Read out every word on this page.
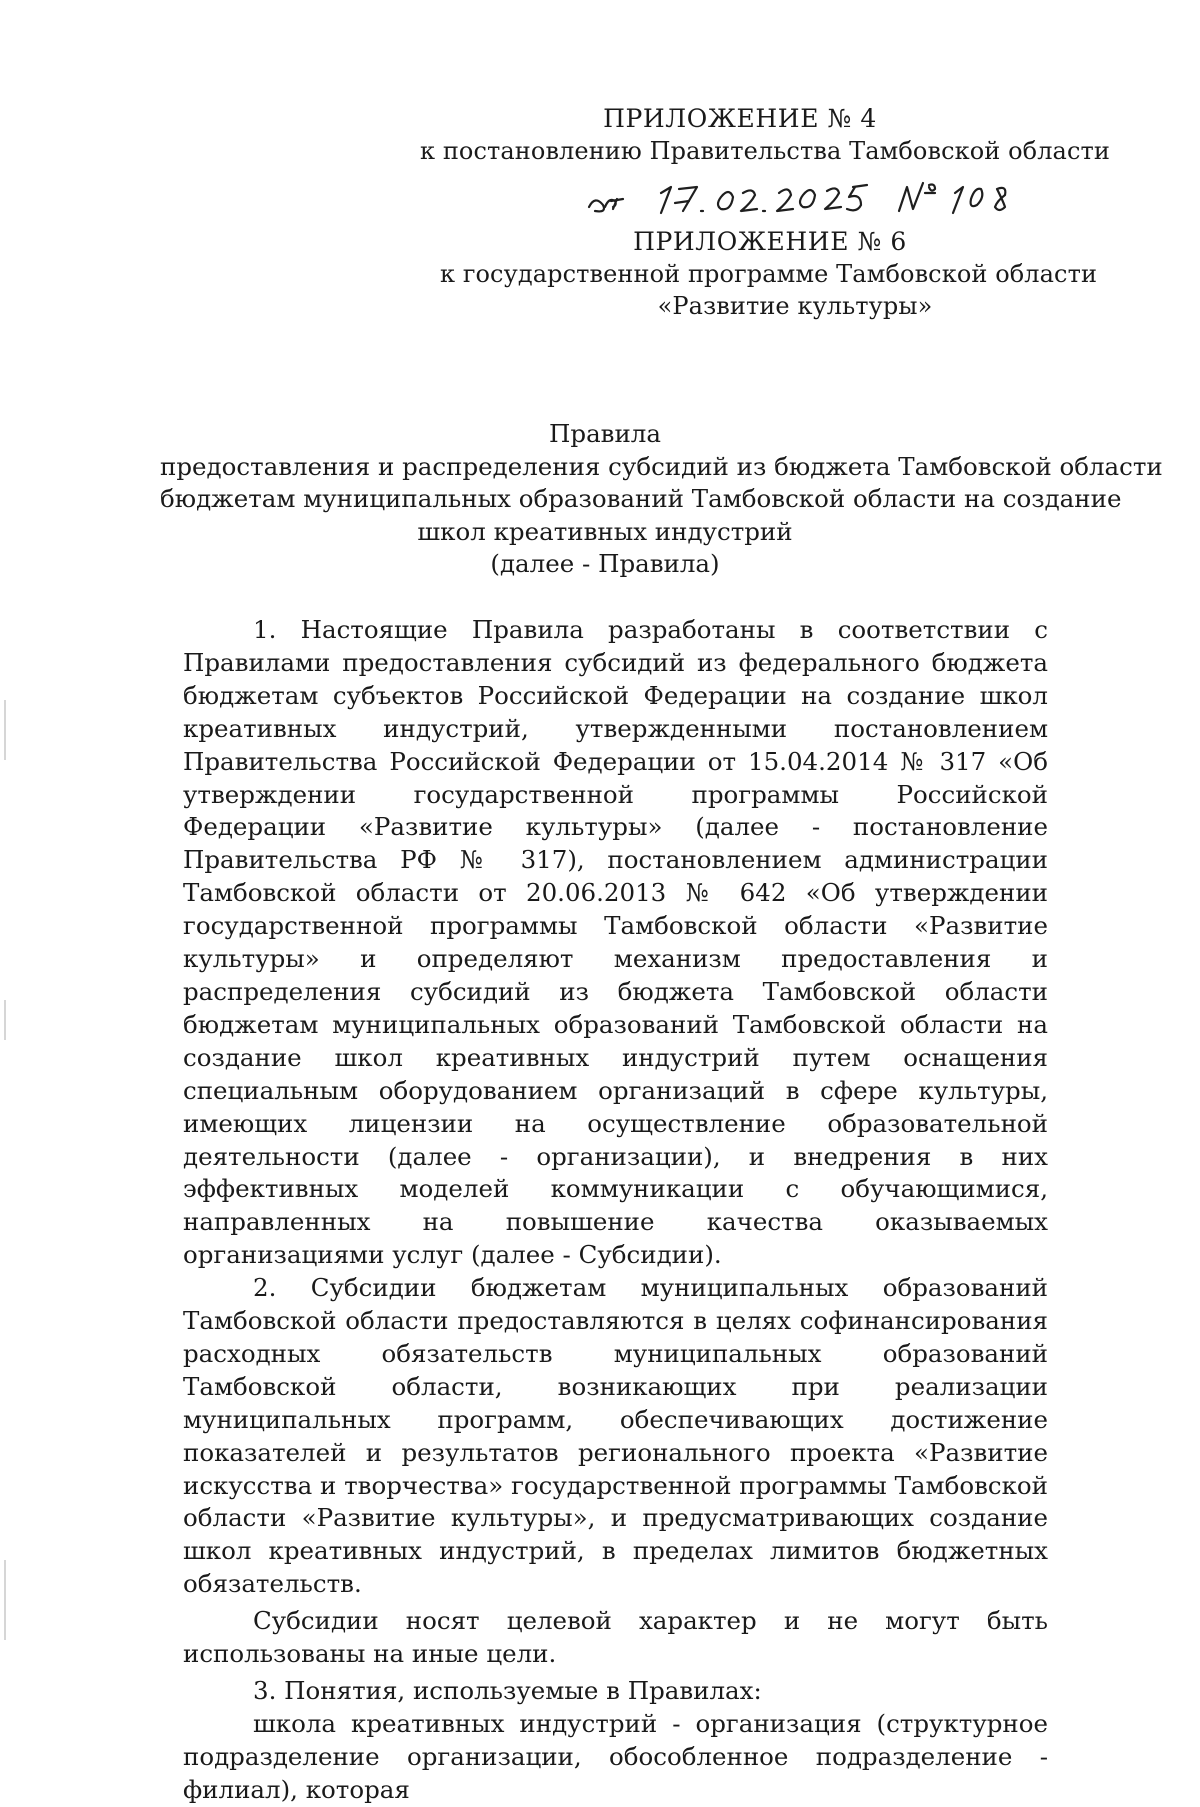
ПРИЛОЖЕНИЕ № 4
к постановлению Правительства Тамбовской области
ПРИЛОЖЕНИЕ № 6
к государственной программе Тамбовской области
«Развитие культуры»
Правила
предоставления и распределения субсидий из бюджета Тамбовской области
бюджетам муниципальных образований Тамбовской области на создание
школ креативных индустрий
(далее - Правила)

1. Настоящие Правила разработаны в соответствии с Правилами предоставления субсидий из федерального бюджета бюджетам субъектов Российской Федерации на создание школ креативных индустрий, утвержденными постановлением Правительства Российской Федерации от 15.04.2014 № 317 «Об утверждении государственной программы Российской Федерации «Развитие культуры» (далее - постановление Правительства РФ № 317), постановлением администрации Тамбовской области от 20.06.2013 № 642 «Об утверждении государственной программы Тамбовской области «Развитие культуры» и определяют механизм предоставления и распределения субсидий из бюджета Тамбовской области бюджетам муниципальных образований Тамбовской области на создание школ креативных индустрий путем оснащения специальным оборудованием организаций в сфере культуры, имеющих лицензии на осуществление образовательной деятельности (далее - организации), и внедрения в них эффективных моделей коммуникации с обучающимися, направленных на повышение качества оказываемых организациями услуг (далее - Субсидии).

2. Субсидии бюджетам муниципальных образований Тамбовской области предоставляются в целях софинансирования расходных обязательств муниципальных образований Тамбовской области, возникающих при реализации муниципальных программ, обеспечивающих достижение показателей и результатов регионального проекта «Развитие искусства и творчества» государственной программы Тамбовской области «Развитие культуры», и предусматривающих создание школ креативных индустрий, в пределах лимитов бюджетных обязательств.

Субсидии носят целевой характер и не могут быть использованы на иные цели.

3. Понятия, используемые в Правилах:

школа креативных индустрий - организация (структурное подразделение организации, обособленное подразделение - филиал), которая
